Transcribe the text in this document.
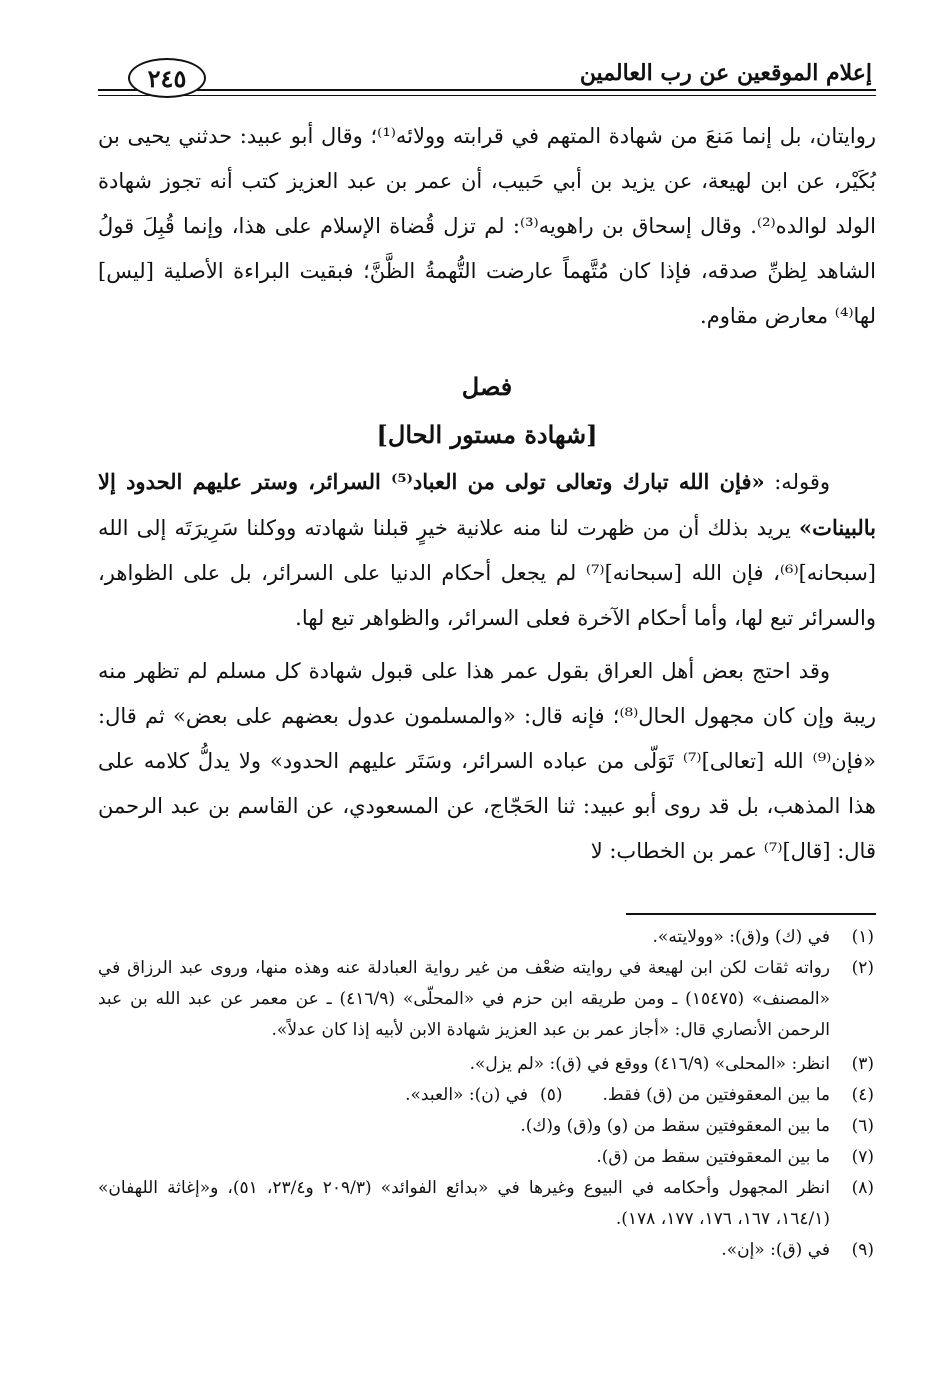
إعلام الموقعين عن رب العالمين
٢٤٥

روايتان، بل إنما مَنعَ من شهادة المتهم في قرابته وولائه⁽¹⁾؛ وقال أبو عبيد: حدثني يحيى بن بُكَيْر، عن ابن لهيعة، عن يزيد بن أبي حَبيب، أن عمر بن عبد العزيز كتب أنه تجوز شهادة الولد لوالده⁽²⁾. وقال إسحاق بن راهويه⁽³⁾: لم تزل قُضاة الإسلام على هذا، وإنما قُبِلَ قولُ الشاهد لِظنِّ صدقه، فإذا كان مُتَّهماً عارضت التُّهمةُ الظَّنَّ؛ فبقيت البراءة الأصلية [ليس] لها⁽⁴⁾ معارض مقاوم.

فصل

[شهادة مستور الحال]

وقوله: «فإن الله تبارك وتعالى تولى من العباد⁽⁵⁾ السرائر، وستر عليهم الحدود إلا بالبينات» يريد بذلك أن من ظهرت لنا منه علانية خيرٍ قبلنا شهادته ووكلنا سَرِيرَتَه إلى الله [سبحانه]⁽⁶⁾، فإن الله [سبحانه]⁽⁷⁾ لم يجعل أحكام الدنيا على السرائر، بل على الظواهر، والسرائر تبع لها، وأما أحكام الآخرة فعلى السرائر، والظواهر تبع لها.

وقد احتج بعض أهل العراق بقول عمر هذا على قبول شهادة كل مسلم لم تظهر منه ريبة وإن كان مجهول الحال⁽⁸⁾؛ فإنه قال: «والمسلمون عدول بعضهم على بعض» ثم قال: «فإن⁽⁹⁾ الله [تعالى]⁽⁷⁾ تَوَلّى من عباده السرائر، وسَتَر عليهم الحدود» ولا يدلُّ كلامه على هذا المذهب، بل قد روى أبو عبيد: ثنا الحَجّاج، عن المسعودي، عن القاسم بن عبد الرحمن قال: [قال]⁽⁷⁾ عمر بن الخطاب: لا

(١)
في (ك) و(ق): «وولايته».
(٢)
رواته ثقات لكن ابن لهيعة في روايته ضعْف من غير رواية العبادلة عنه وهذه منها، وروى عبد الرزاق في «المصنف» (١٥٤٧٥) ـ ومن طريقه ابن حزم في «المحلّى» (٤١٦/٩) ـ عن معمر عن عبد الله بن عبد الرحمن الأنصاري قال: «أجاز عمر بن عبد العزيز شهادة الابن لأبيه إذا كان عدلاً».
(٣)
انظر: «المحلى» (٤١٦/٩) ووقع في (ق): «لم يزل».
(٤)
ما بين المعقوفتين من (ق) فقط.
(٥)
في (ن): «العبد».
(٦)
ما بين المعقوفتين سقط من (و) و(ق) و(ك).
(٧)
ما بين المعقوفتين سقط من (ق).
(٨)
انظر المجهول وأحكامه في البيوع وغيرها في «بدائع الفوائد» (٢٠٩/٣ و٢٣/٤، ٥١)، و«إغاثة اللهفان» (١٦٤/١، ١٦٧، ١٧٦، ١٧٧، ١٧٨).
(٩)
في (ق): «إن».
